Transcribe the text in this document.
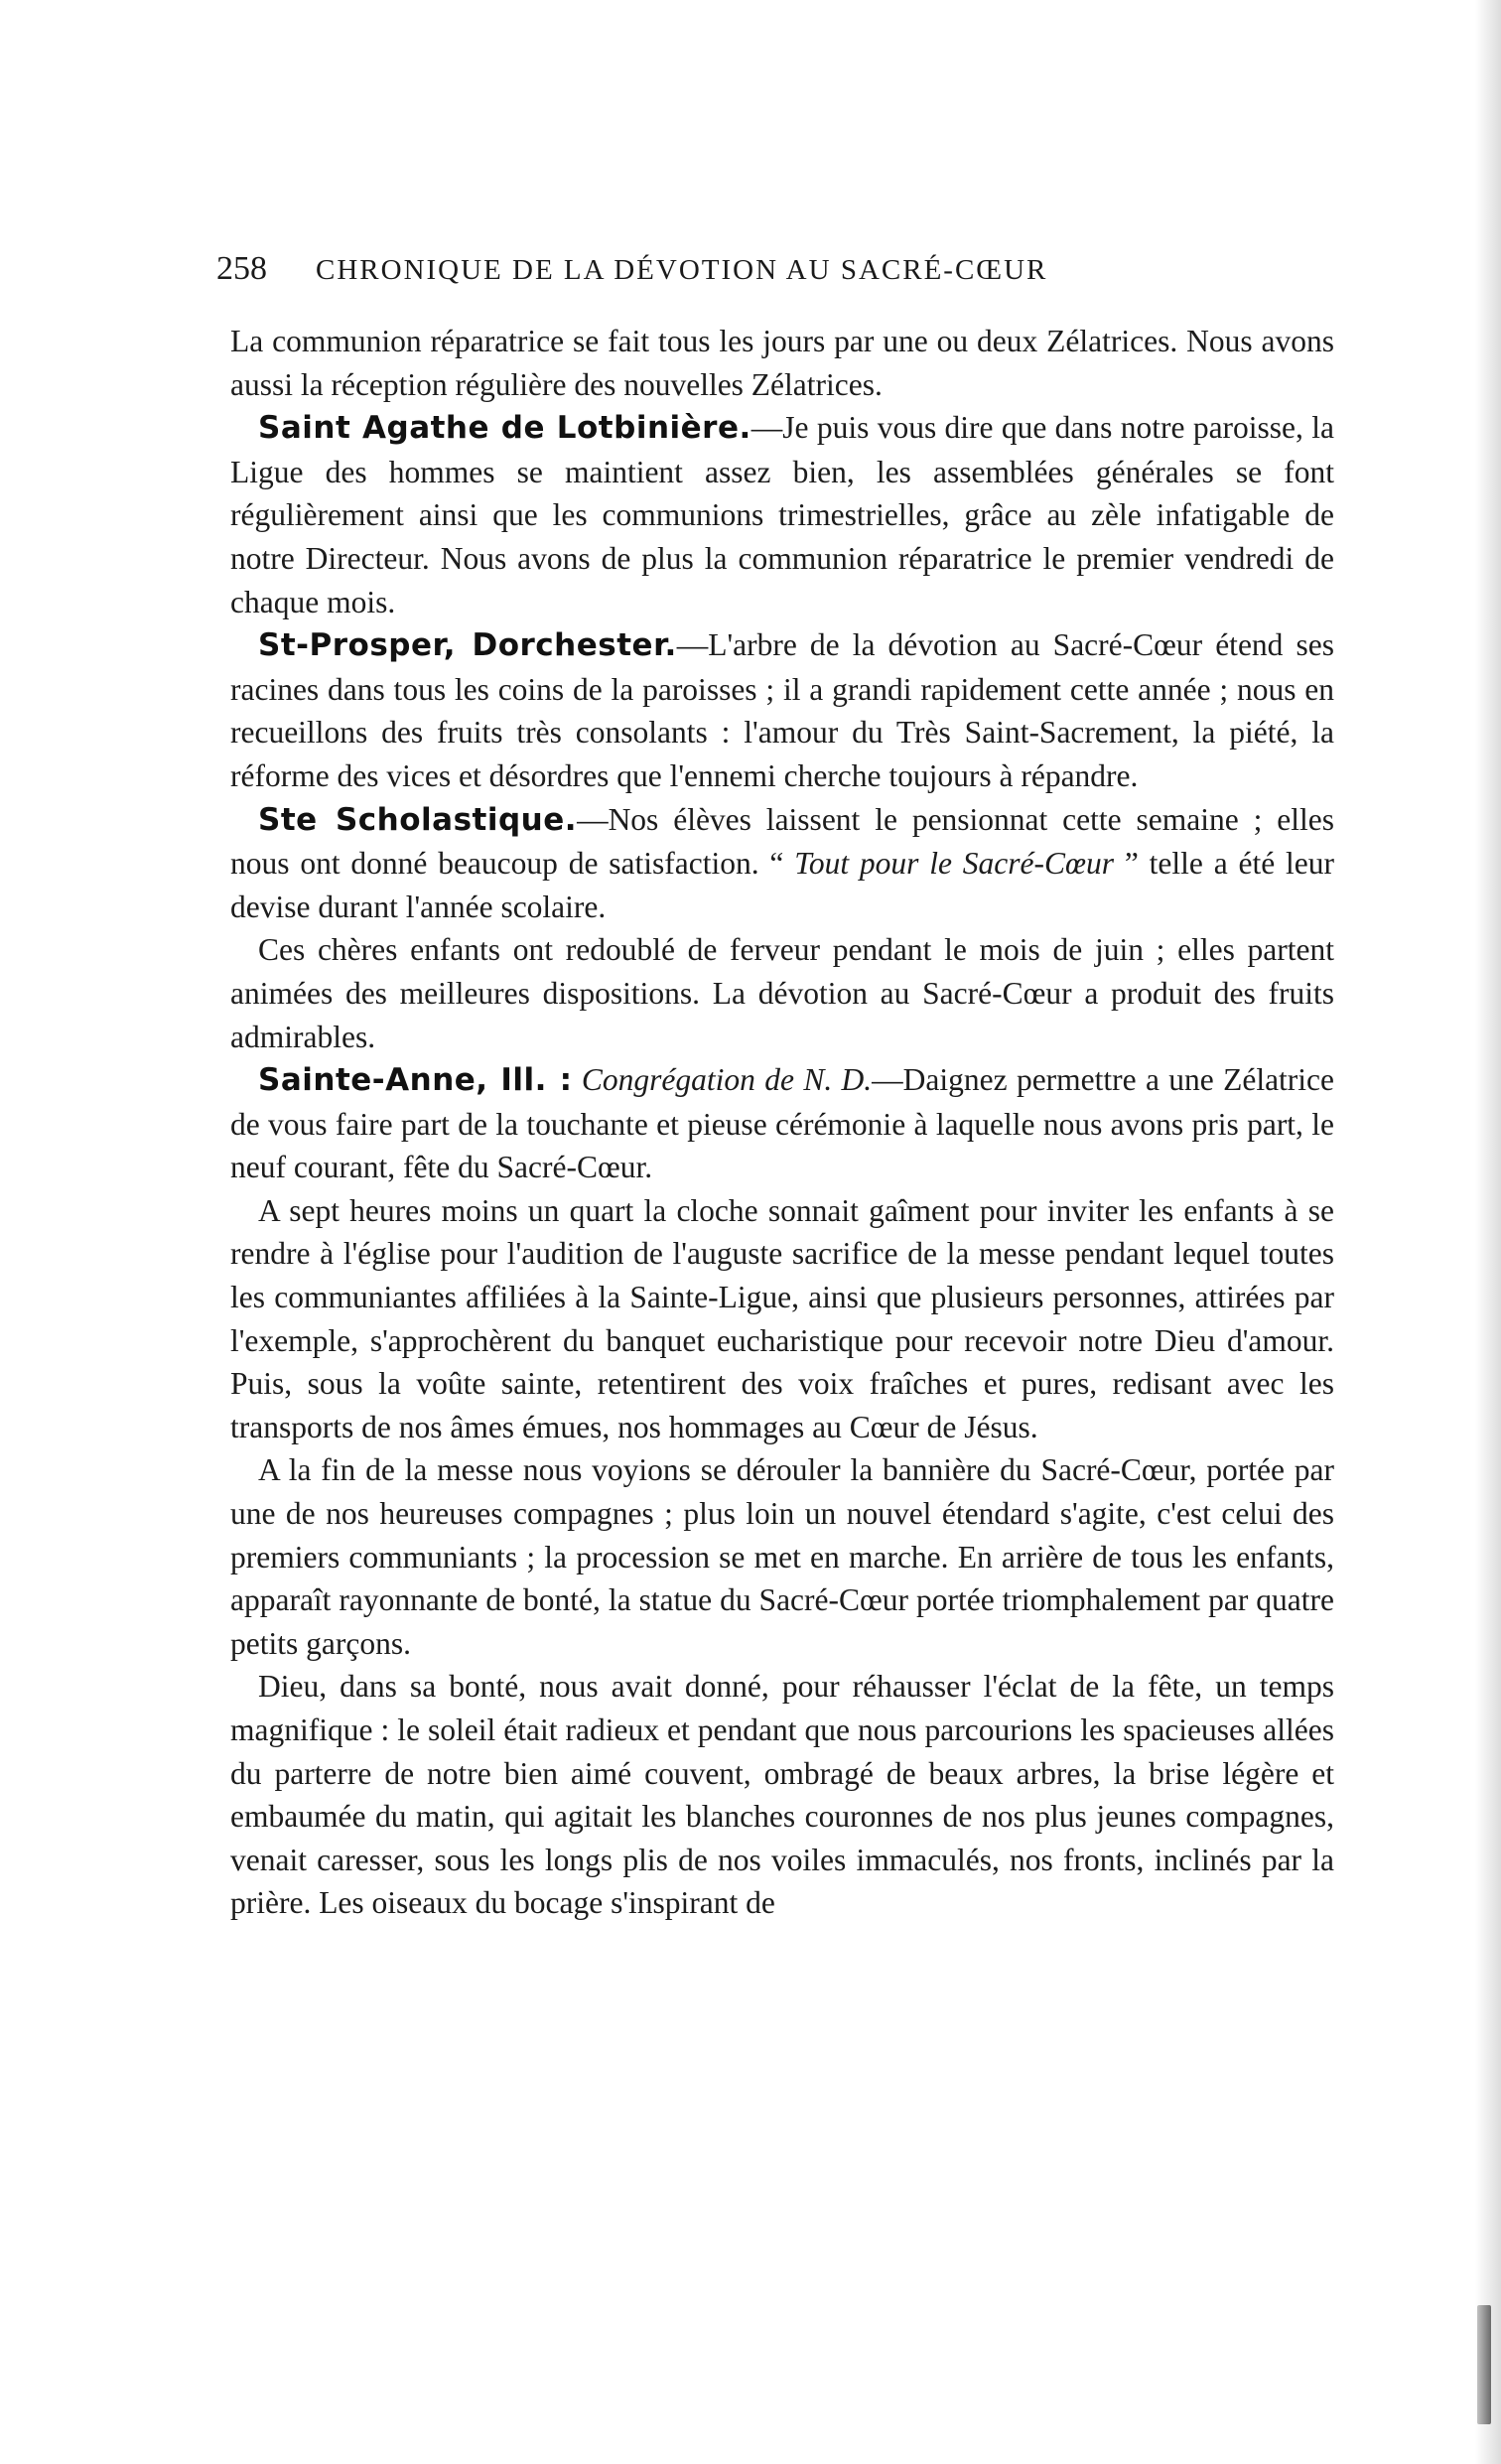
258 CHRONIQUE DE LA DÉVOTION AU SACRÉ-CŒUR

La communion réparatrice se fait tous les jours par une ou deux Zélatrices. Nous avons aussi la réception régulière des nouvelles Zélatrices.

Saint Agathe de Lotbinière.—Je puis vous dire que dans notre paroisse, la Ligue des hommes se maintient assez bien, les assemblées générales se font régulièrement ainsi que les communions trimestrielles, grâce au zèle infatigable de notre Directeur. Nous avons de plus la communion réparatrice le premier vendredi de chaque mois.

St-Prosper, Dorchester.—L'arbre de la dévotion au Sacré-Cœur étend ses racines dans tous les coins de la paroisses ; il a grandi rapidement cette année ; nous en recueillons des fruits très consolants : l'amour du Très Saint-Sacrement, la piété, la réforme des vices et désordres que l'ennemi cherche toujours à répandre.

Ste Scholastique.—Nos élèves laissent le pensionnat cette semaine ; elles nous ont donné beaucoup de satisfaction. “ Tout pour le Sacré-Cœur ” telle a été leur devise durant l'année scolaire.

Ces chères enfants ont redoublé de ferveur pendant le mois de juin ; elles partent animées des meilleures dispositions. La dévotion au Sacré-Cœur a produit des fruits admirables.

Sainte-Anne, Ill. : Congrégation de N. D.—Daignez permettre a une Zélatrice de vous faire part de la touchante et pieuse cérémonie à laquelle nous avons pris part, le neuf courant, fête du Sacré-Cœur.

A sept heures moins un quart la cloche sonnait gaîment pour inviter les enfants à se rendre à l'église pour l'audition de l'auguste sacrifice de la messe pendant lequel toutes les communiantes affiliées à la Sainte-Ligue, ainsi que plusieurs personnes, attirées par l'exemple, s'approchèrent du banquet eucharistique pour recevoir notre Dieu d'amour. Puis, sous la voûte sainte, retentirent des voix fraîches et pures, redisant avec les transports de nos âmes émues, nos hommages au Cœur de Jésus.

A la fin de la messe nous voyions se dérouler la bannière du Sacré-Cœur, portée par une de nos heureuses compagnes ; plus loin un nouvel étendard s'agite, c'est celui des premiers communiants ; la procession se met en marche. En arrière de tous les enfants, apparaît rayonnante de bonté, la statue du Sacré-Cœur portée triomphalement par quatre petits garçons.

Dieu, dans sa bonté, nous avait donné, pour réhausser l'éclat de la fête, un temps magnifique : le soleil était radieux et pendant que nous parcourions les spacieuses allées du parterre de notre bien aimé couvent, ombragé de beaux arbres, la brise légère et embaumée du matin, qui agitait les blanches couronnes de nos plus jeunes compagnes, venait caresser, sous les longs plis de nos voiles immaculés, nos fronts, inclinés par la prière. Les oiseaux du bocage s'inspirant de
